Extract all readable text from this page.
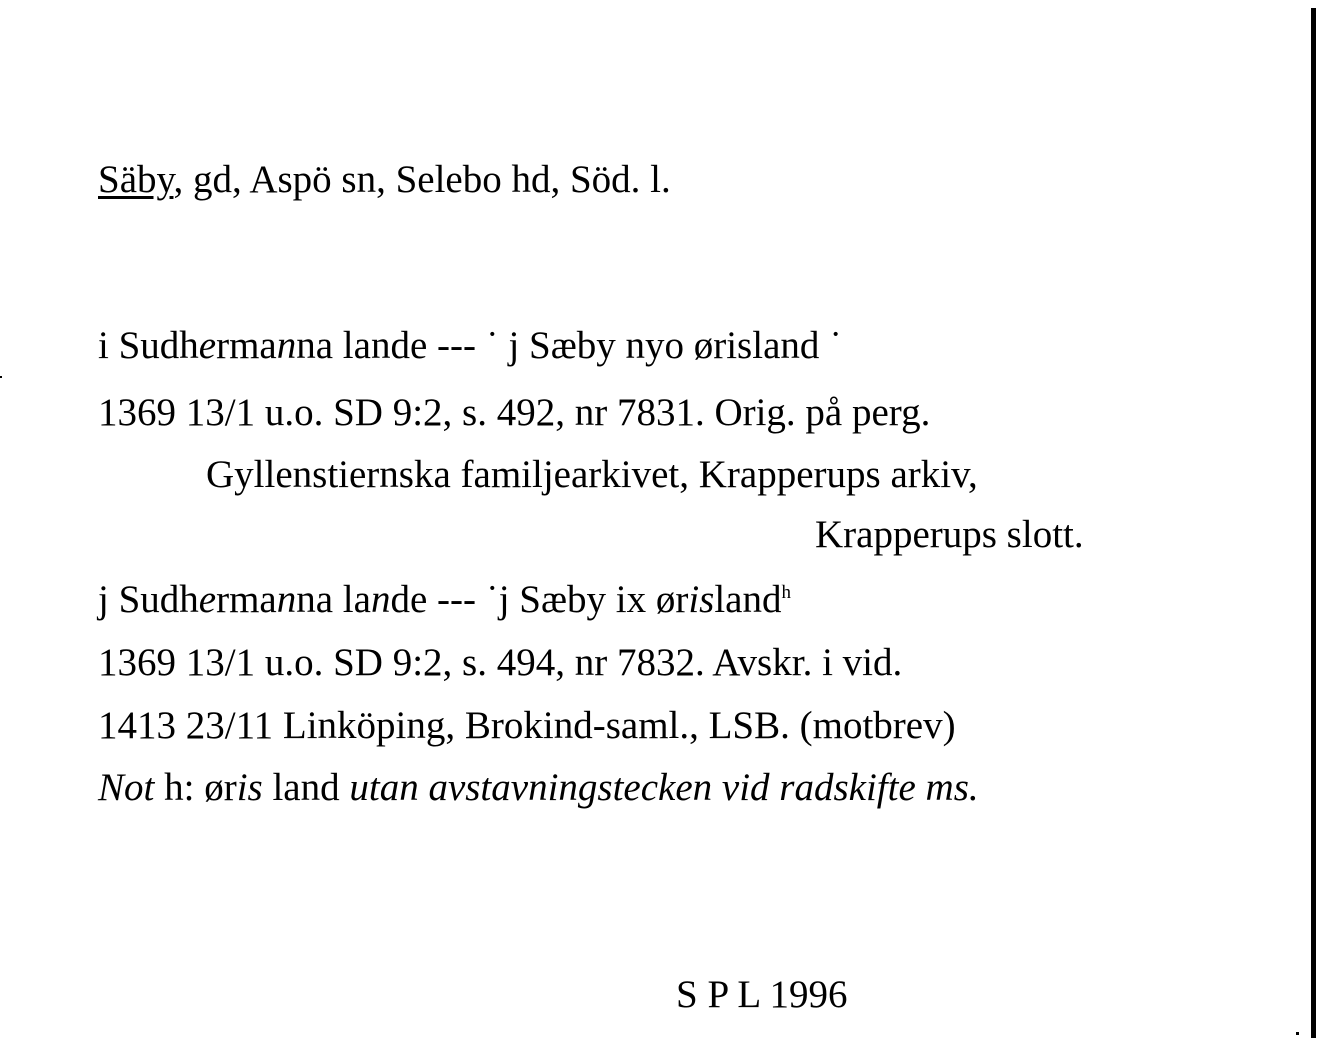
Säby, gd, Aspö sn, Selebo hd, Söd. l.
i Sudhermanna lande --- ˙ j Sæby nyo ørisland ˙
1369 13/1 u.o. SD 9:2, s. 492, nr 7831. Orig. på perg.
Gyllenstiernska familjearkivet, Krapperups arkiv,
Krapperups slott.
j Sudhermanna lande --- ˙j Sæby ix ørisland$^h$
1369 13/1 u.o. SD 9:2, s. 494, nr 7832. Avskr. i vid.
1413 23/11 Linköping, Brokind-saml., LSB. (motbrev)
Not h: øris land utan avstavningstecken vid radskifte ms.
S P L 1996
